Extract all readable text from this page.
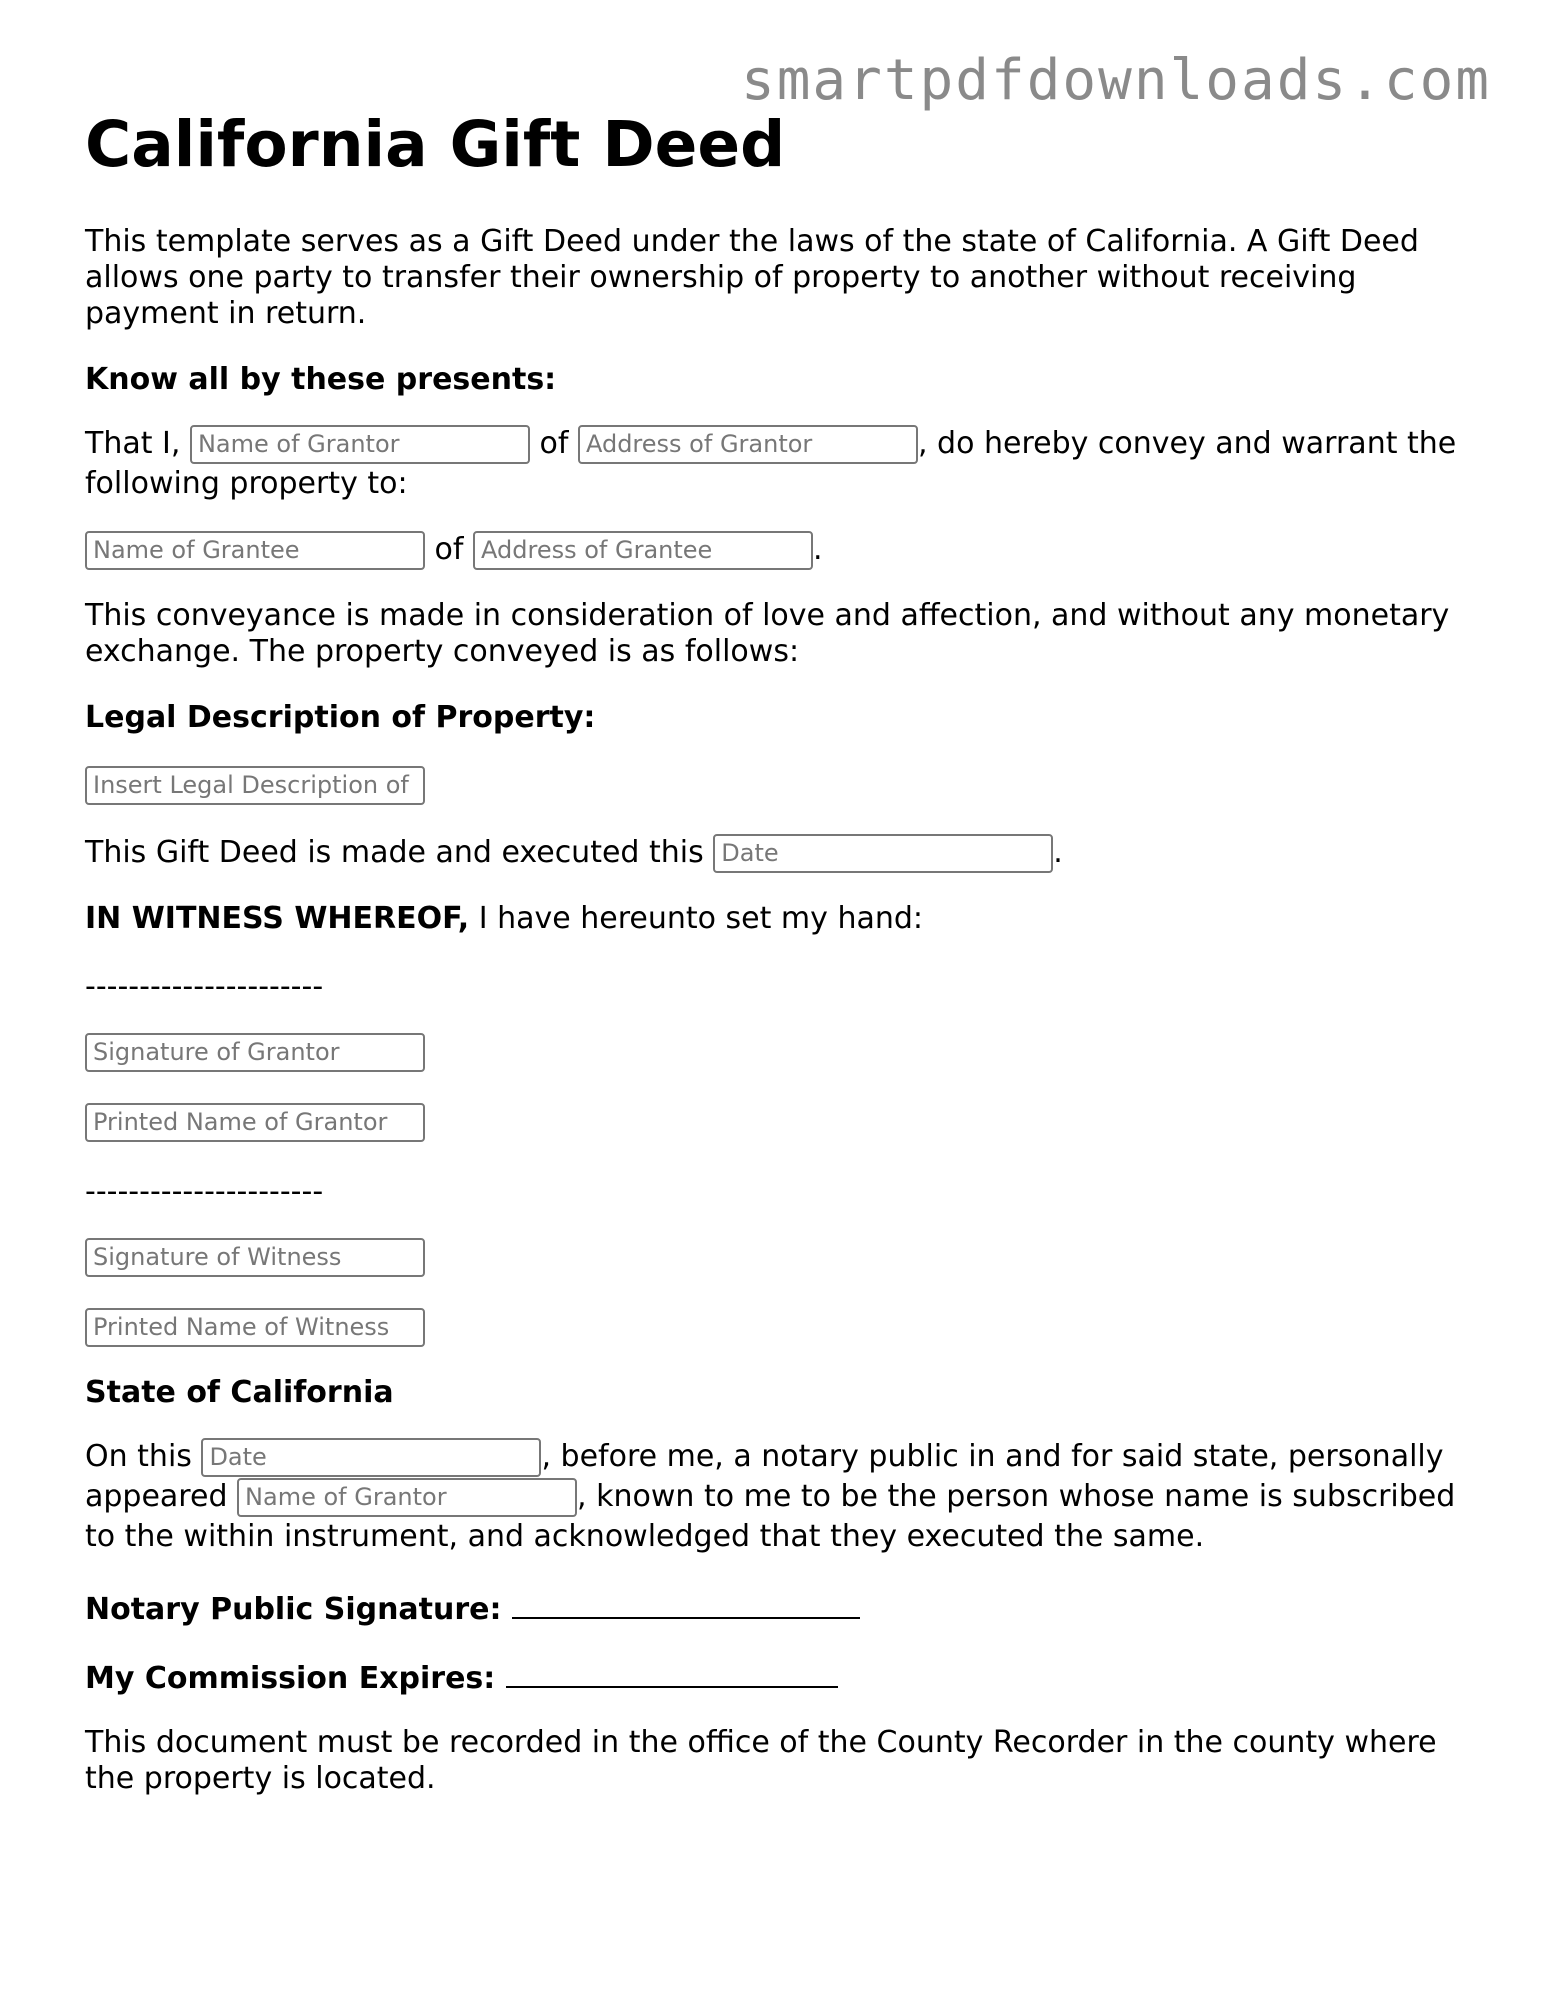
smartpdfdownloads.com
California Gift Deed

This template serves as a Gift Deed under the laws of the state of California. A Gift Deed allows one party to transfer their ownership of property to another without receiving payment in return.

Know all by these presents:

That I, Name of Grantor	of Address of Grantor	, do hereby convey and warrant the following property to:

Name of Grantee	of Address of Grantee	.

This conveyance is made in consideration of love and affection, and without any monetary exchange. The property conveyed is as follows:

Legal Description of Property:

Insert Legal Description of

This Gift Deed is made and executed this Date	.

IN WITNESS WHEREOF, I have hereunto set my hand:

----------------------

Signature of Grantor
Printed Name of Grantor

----------------------

Signature of Witness
Printed Name of Witness

State of California

On this Date	, before me, a notary public in and for said state, personally appeared Name of Grantor	, known to me to be the person whose name is subscribed to the within instrument, and acknowledged that they executed the same.

Notary Public Signature:

My Commission Expires:

This document must be recorded in the office of the County Recorder in the county where the property is located.
